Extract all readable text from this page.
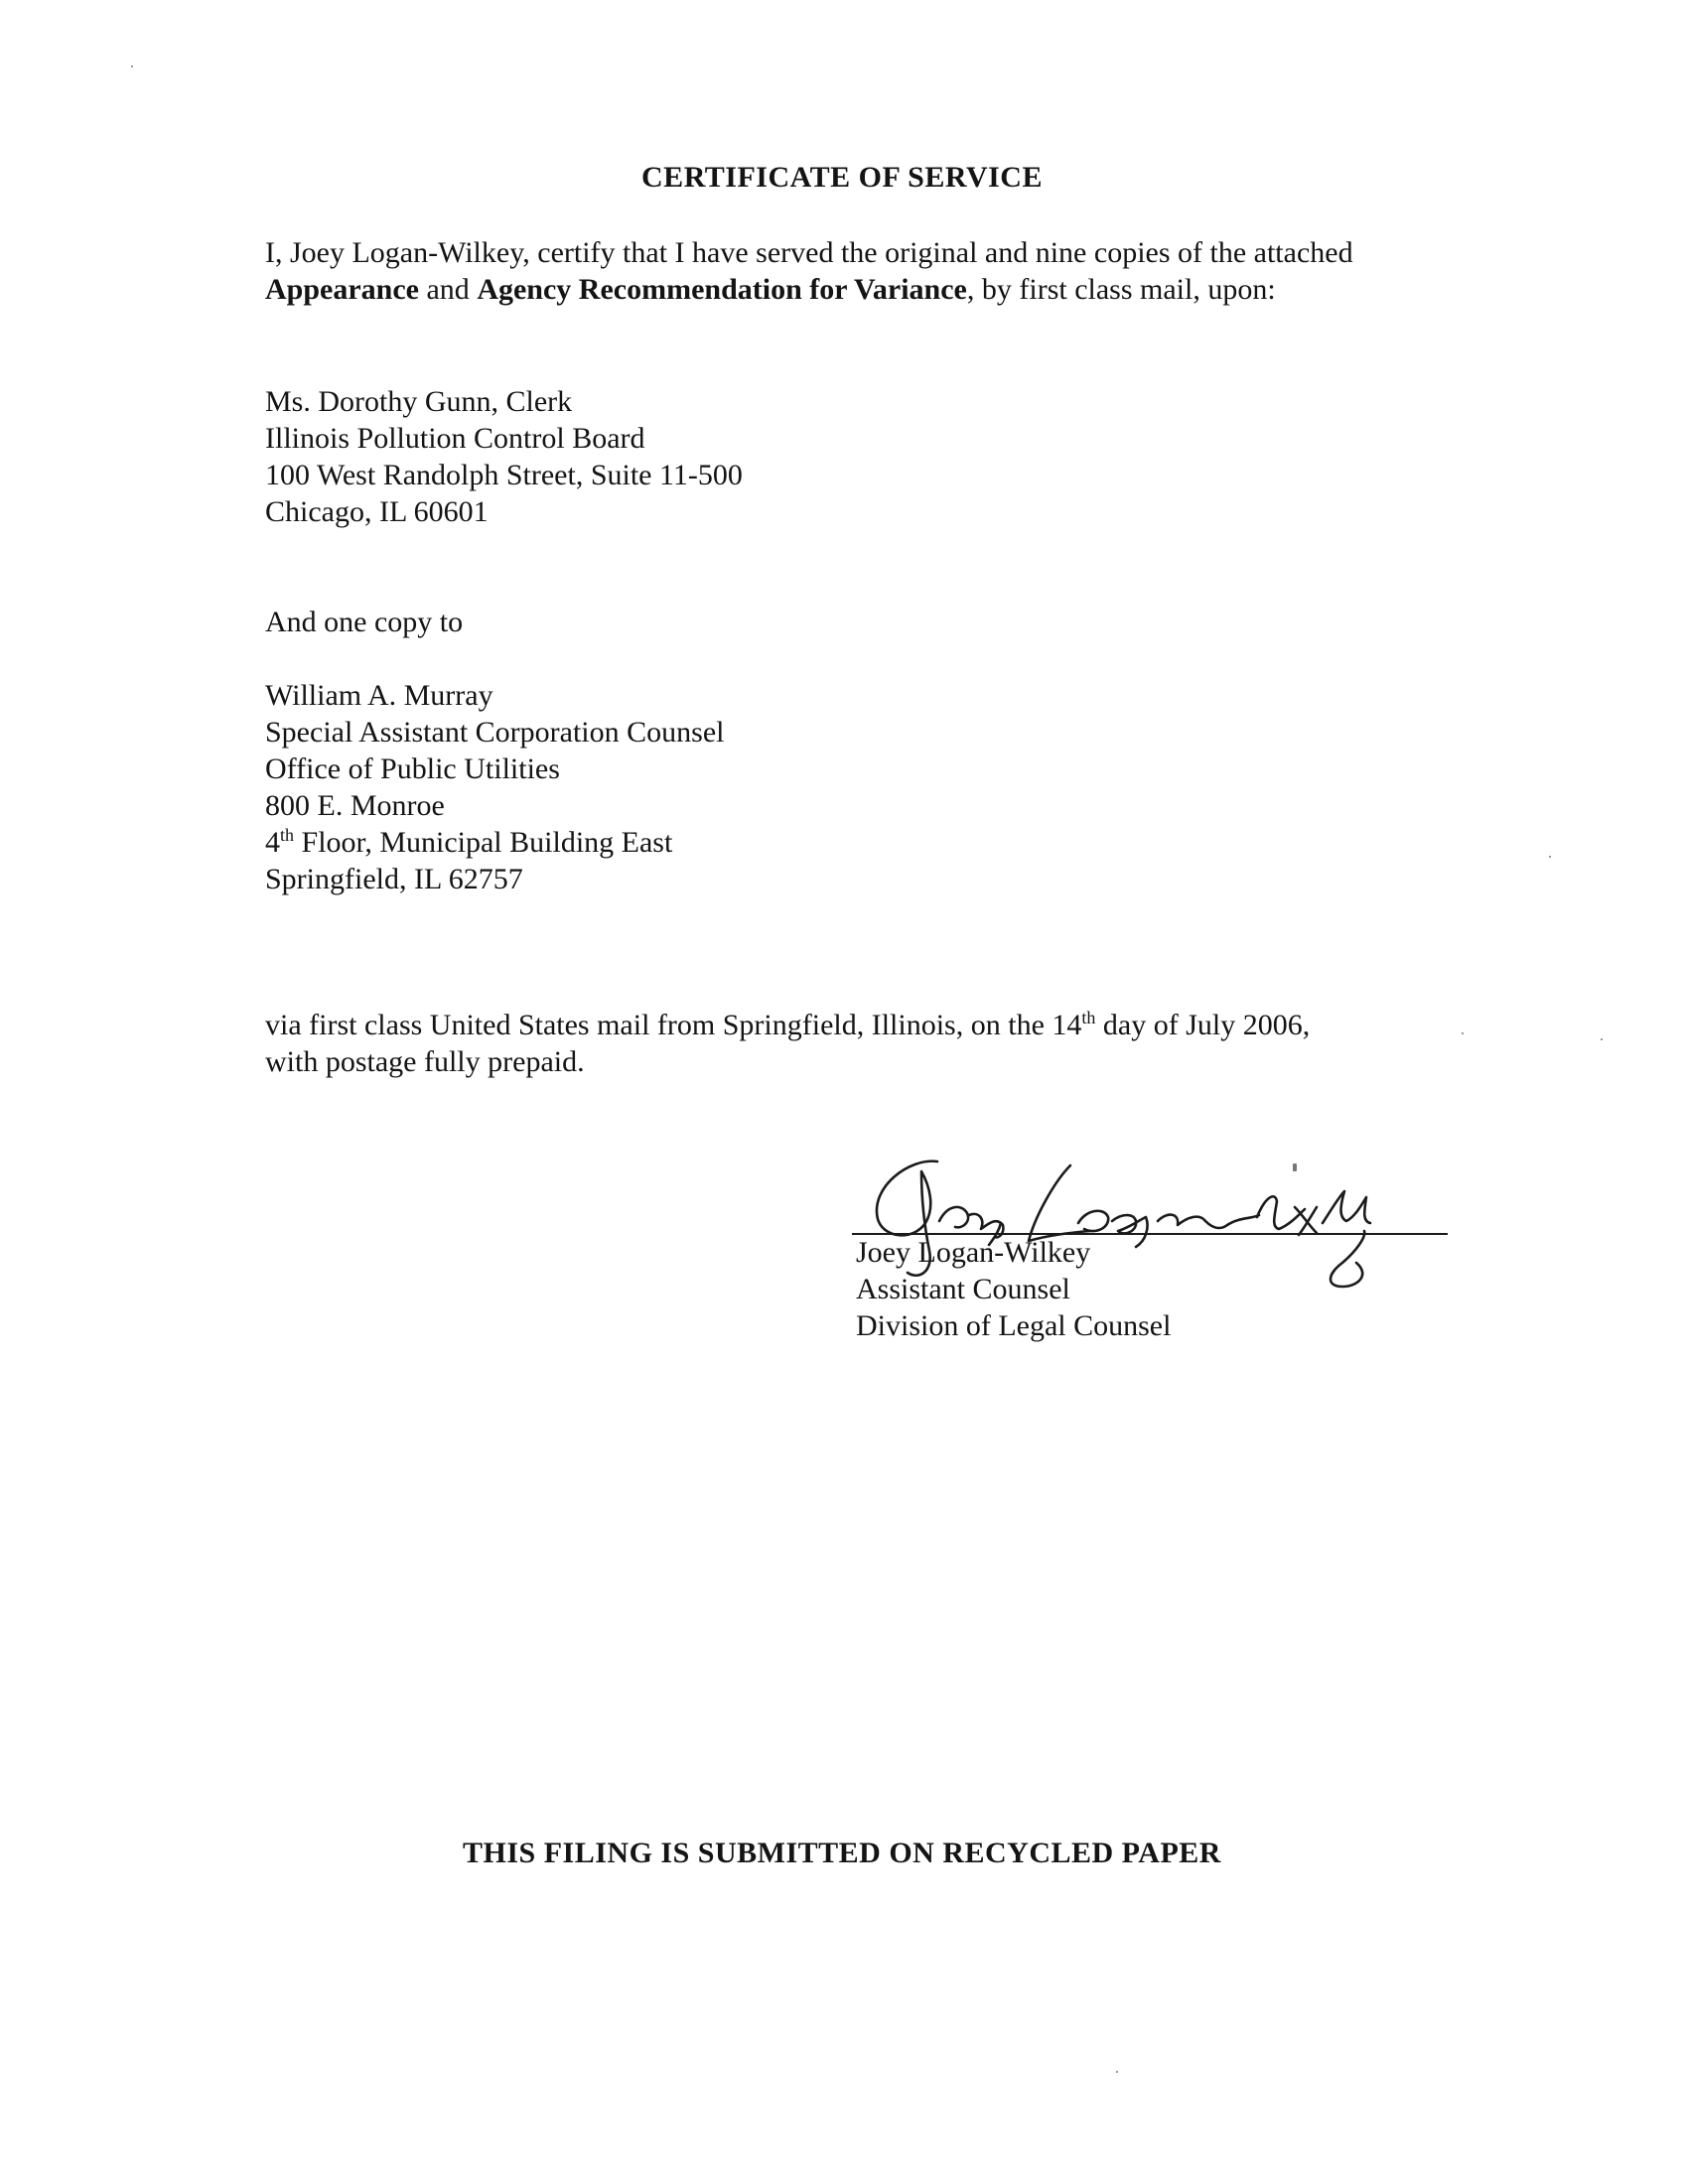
CERTIFICATE OF SERVICE

I, Joey Logan-Wilkey, certify that I have served the original and nine copies of the attached Appearance and Agency Recommendation for Variance, by first class mail, upon:

Ms. Dorothy Gunn, Clerk
Illinois Pollution Control Board
100 West Randolph Street, Suite 11-500
Chicago, IL 60601
And one copy to
William A. Murray
Special Assistant Corporation Counsel
Office of Public Utilities
800 E. Monroe
4th Floor, Municipal Building East
Springfield, IL 62757
via first class United States mail from Springfield, Illinois, on the 14th day of July 2006,
with postage fully prepaid.
Joey Logan-Wilkey
Assistant Counsel
Division of Legal Counsel
THIS FILING IS SUBMITTED ON RECYCLED PAPER
